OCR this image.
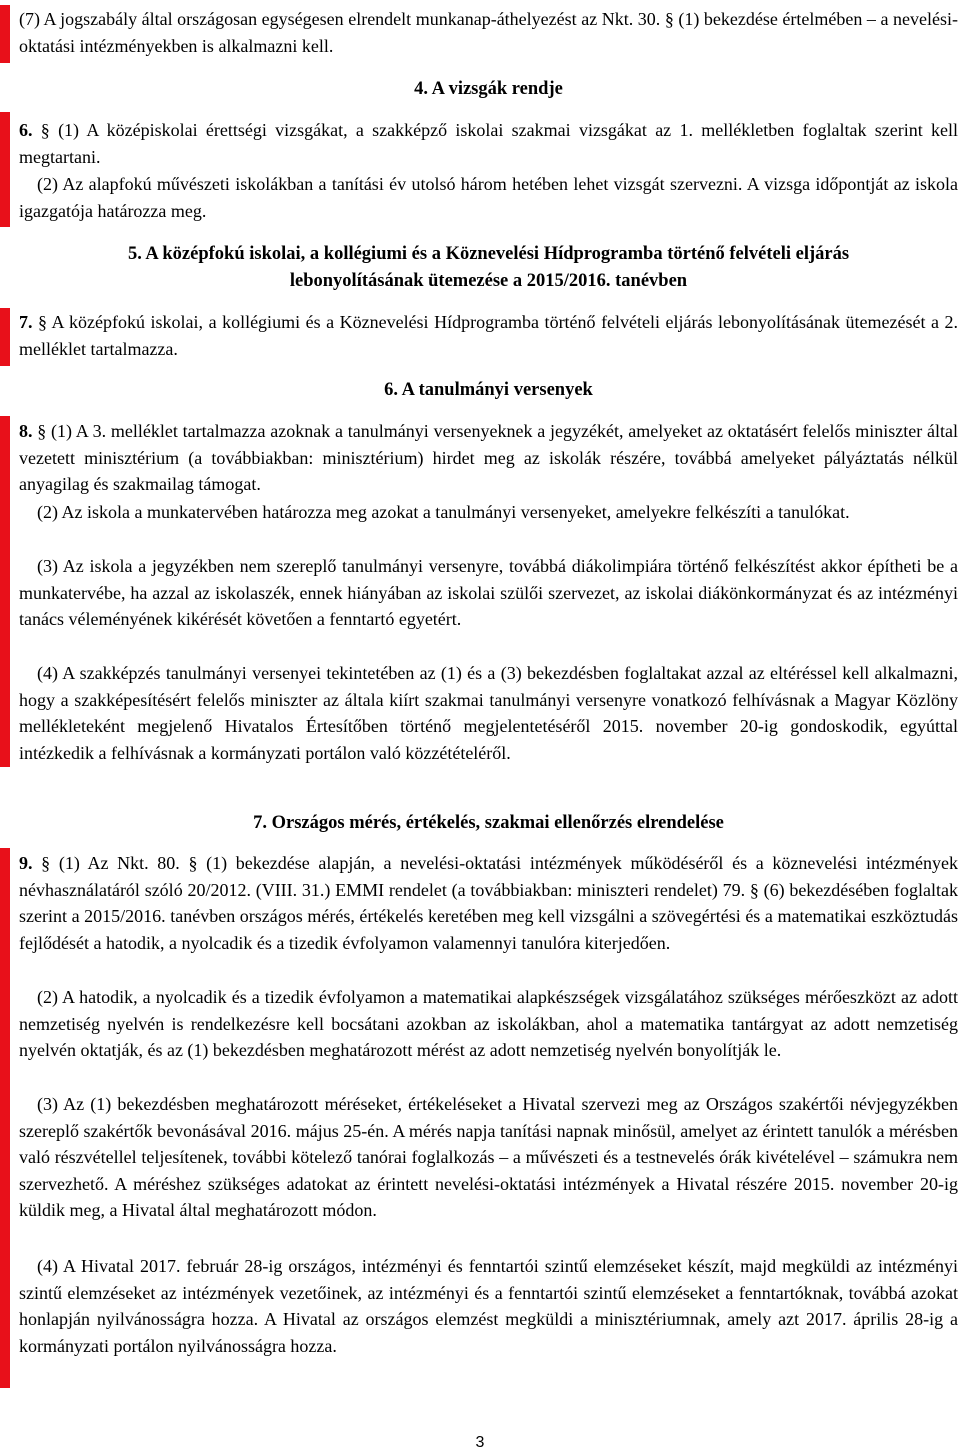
(7) A jogszabály által országosan egységesen elrendelt munkanap-áthelyezést az Nkt. 30. § (1) bekezdése értelmében – a nevelési-oktatási intézményekben is alkalmazni kell.
4. A vizsgák rendje
6. § (1) A középiskolai érettségi vizsgákat, a szakképző iskolai szakmai vizsgákat az 1. mellékletben foglaltak szerint kell megtartani.
(2) Az alapfokú művészeti iskolákban a tanítási év utolsó három hetében lehet vizsgát szervezni. A vizsga időpontját az iskola igazgatója határozza meg.
5. A középfokú iskolai, a kollégiumi és a Köznevelési Hídprogramba történő felvételi eljárás lebonyolításának ütemezése a 2015/2016. tanévben
7. § A középfokú iskolai, a kollégiumi és a Köznevelési Hídprogramba történő felvételi eljárás lebonyolításának ütemezését a 2. melléklet tartalmazza.
6. A tanulmányi versenyek
8. § (1) A 3. melléklet tartalmazza azoknak a tanulmányi versenyeknek a jegyzékét, amelyeket az oktatásért felelős miniszter által vezetett minisztérium (a továbbiakban: minisztérium) hirdet meg az iskolák részére, továbbá amelyeket pályáztatás nélkül anyagilag és szakmailag támogat.
(2) Az iskola a munkatervében határozza meg azokat a tanulmányi versenyeket, amelyekre felkészíti a tanulókat.
(3) Az iskola a jegyzékben nem szereplő tanulmányi versenyre, továbbá diákolimpiára történő felkészítést akkor építheti be a munkatervébe, ha azzal az iskolaszék, ennek hiányában az iskolai szülői szervezet, az iskolai diákönkormányzat és az intézményi tanács véleményének kikérését követően a fenntartó egyetért.
(4) A szakképzés tanulmányi versenyei tekintetében az (1) és a (3) bekezdésben foglaltakat azzal az eltéréssel kell alkalmazni, hogy a szakképesítésért felelős miniszter az általa kiírt szakmai tanulmányi versenyre vonatkozó felhívásnak a Magyar Közlöny mellékleteként megjelenő Hivatalos Értesítőben történő megjelentetéséről 2015. november 20-ig gondoskodik, egyúttal intézkedik a felhívásnak a kormányzati portálon való közzétételéről.
7. Országos mérés, értékelés, szakmai ellenőrzés elrendelése
9. § (1) Az Nkt. 80. § (1) bekezdése alapján, a nevelési-oktatási intézmények működéséről és a köznevelési intézmények névhasználatáról szóló 20/2012. (VIII. 31.) EMMI rendelet (a továbbiakban: miniszteri rendelet) 79. § (6) bekezdésében foglaltak szerint a 2015/2016. tanévben országos mérés, értékelés keretében meg kell vizsgálni a szövegértési és a matematikai eszköztudás fejlődését a hatodik, a nyolcadik és a tizedik évfolyamon valamennyi tanulóra kiterjedően.
(2) A hatodik, a nyolcadik és a tizedik évfolyamon a matematikai alapkészségek vizsgálatához szükséges mérőeszközt az adott nemzetiség nyelvén is rendelkezésre kell bocsátani azokban az iskolákban, ahol a matematika tantárgyat az adott nemzetiség nyelvén oktatják, és az (1) bekezdésben meghatározott mérést az adott nemzetiség nyelvén bonyolítják le.
(3) Az (1) bekezdésben meghatározott méréseket, értékeléseket a Hivatal szervezi meg az Országos szakértői névjegyzékben szereplő szakértők bevonásával 2016. május 25-én. A mérés napja tanítási napnak minősül, amelyet az érintett tanulók a mérésben való részvétellel teljesítenek, további kötelező tanórai foglalkozás – a művészeti és a testnevelés órák kivételével – számukra nem szervezhető. A méréshez szükséges adatokat az érintett nevelési-oktatási intézmények a Hivatal részére 2015. november 20-ig küldik meg, a Hivatal által meghatározott módon.
(4) A Hivatal 2017. február 28-ig országos, intézményi és fenntartói szintű elemzéseket készít, majd megküldi az intézményi szintű elemzéseket az intézmények vezetőinek, az intézményi és a fenntartói szintű elemzéseket a fenntartóknak, továbbá azokat honlapján nyilvánosságra hozza. A Hivatal az országos elemzést megküldi a minisztériumnak, amely azt 2017. április 28-ig a kormányzati portálon nyilvánosságra hozza.
3
